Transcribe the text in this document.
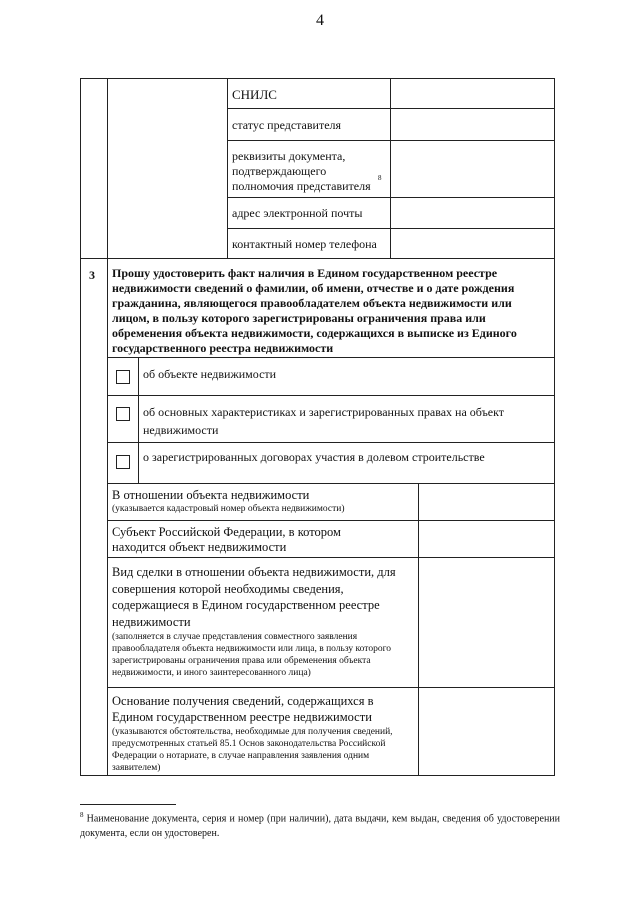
4
СНИЛС
статус представителя
реквизиты документа, подтверждающего полномочия представителя
8
адрес электронной почты
контактный номер телефона
3 Прошу удостоверить факт наличия в Едином государственном реестре недвижимости сведений о фамилии, об имени, отчестве и о дате рождения гражданина, являющегося правообладателем объекта недвижимости или лицом, в пользу которого зарегистрированы ограничения права или обременения объекта недвижимости, содержащихся в выписке из Единого государственного реестра недвижимости
об объекте недвижимости
об основных характеристиках и зарегистрированных правах на объект недвижимости
о зарегистрированных договорах участия в долевом строительстве
В отношении объекта недвижимости
(указывается кадастровый номер объекта недвижимости)
Субъект Российской Федерации, в котором находится объект недвижимости
Вид сделки в отношении объекта недвижимости, для совершения которой необходимы сведения, содержащиеся в Едином государственном реестре недвижимости
(заполняется в случае представления совместного заявления правообладателя объекта недвижимости или лица, в пользу которого зарегистрированы ограничения права или обременения объекта недвижимости, и иного заинтересованного лица)
Основание получения сведений, содержащихся в Едином государственном реестре недвижимости
(указываются обстоятельства, необходимые для получения сведений, предусмотренных статьей 85.1 Основ законодательства Российской Федерации о нотариате, в случае направления заявления одним заявителем)
$^8$ Наименование документа, серия и номер (при наличии), дата выдачи, кем выдан, сведения об удостоверении документа, если он удостоверен.
